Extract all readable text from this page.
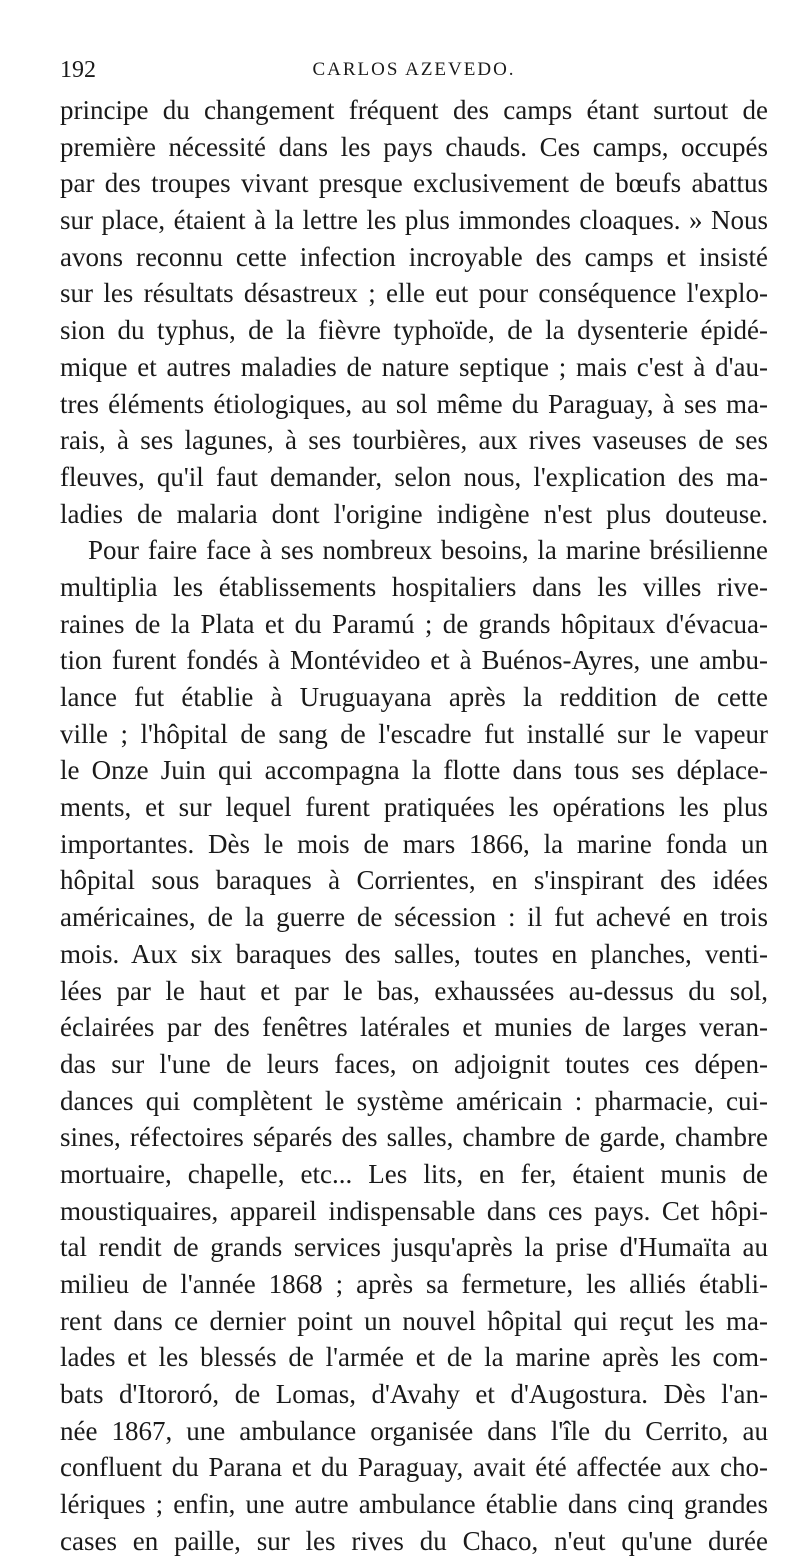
192	CARLOS AZEVEDO.
principe du changement fréquent des camps étant surtout de
première nécessité dans les pays chauds. Ces camps, occupés
par des troupes vivant presque exclusivement de bœufs abattus
sur place, étaient à la lettre les plus immondes cloaques. » Nous
avons reconnu cette infection incroyable des camps et insisté
sur les résultats désastreux ; elle eut pour conséquence l'explo-
sion du typhus, de la fièvre typhoïde, de la dysenterie épidé-
mique et autres maladies de nature septique ; mais c'est à d'au-
tres éléments étiologiques, au sol même du Paraguay, à ses ma-
rais, à ses lagunes, à ses tourbières, aux rives vaseuses de ses
fleuves, qu'il faut demander, selon nous, l'explication des ma-
ladies de malaria dont l'origine indigène n'est plus douteuse.
Pour faire face à ses nombreux besoins, la marine brésilienne
multiplia les établissements hospitaliers dans les villes rive-
raines de la Plata et du Paramú ; de grands hôpitaux d'évacua-
tion furent fondés à Montévideo et à Buénos-Ayres, une ambu-
lance fut établie à Uruguayana après la reddition de cette
ville ; l'hôpital de sang de l'escadre fut installé sur le vapeur
le Onze Juin qui accompagna la flotte dans tous ses déplace-
ments, et sur lequel furent pratiquées les opérations les plus
importantes. Dès le mois de mars 1866, la marine fonda un
hôpital sous baraques à Corrientes, en s'inspirant des idées
américaines, de la guerre de sécession : il fut achevé en trois
mois. Aux six baraques des salles, toutes en planches, venti-
lées par le haut et par le bas, exhaussées au-dessus du sol,
éclairées par des fenêtres latérales et munies de larges veran-
das sur l'une de leurs faces, on adjoignit toutes ces dépen-
dances qui complètent le système américain : pharmacie, cui-
sines, réfectoires séparés des salles, chambre de garde, chambre
mortuaire, chapelle, etc... Les lits, en fer, étaient munis de
moustiquaires, appareil indispensable dans ces pays. Cet hôpi-
tal rendit de grands services jusqu'après la prise d'Humaïta au
milieu de l'année 1868 ; après sa fermeture, les alliés établi-
rent dans ce dernier point un nouvel hôpital qui reçut les ma-
lades et les blessés de l'armée et de la marine après les com-
bats d'Itororó, de Lomas, d'Avahy et d'Augostura. Dès l'an-
née 1867, une ambulance organisée dans l'île du Cerrito, au
confluent du Parana et du Paraguay, avait été affectée aux cho-
lériques ; enfin, une autre ambulance établie dans cinq grandes
cases en paille, sur les rives du Chaco, n'eut qu'une durée
